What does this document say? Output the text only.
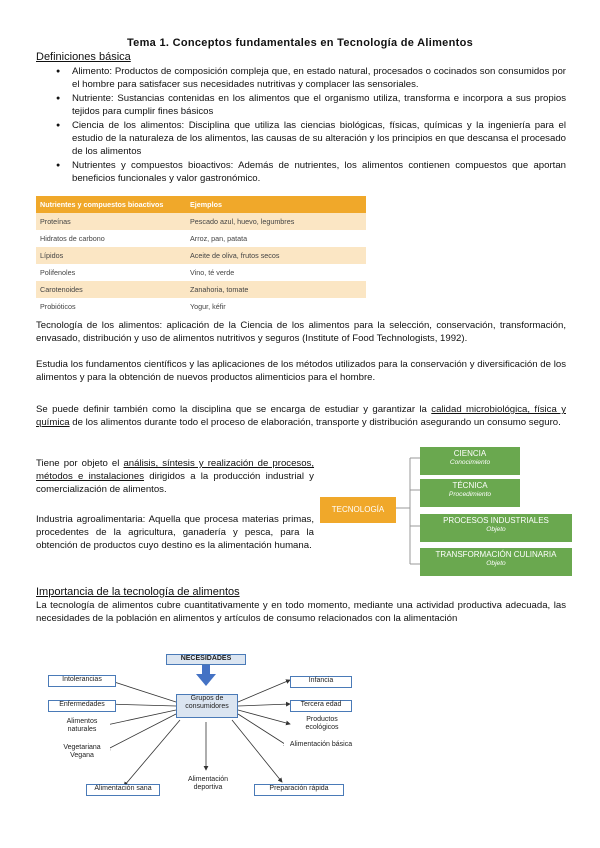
Tema 1. Conceptos fundamentales en Tecnología de Alimentos
Definiciones básica
● Alimento: Productos de composición compleja que, en estado natural, procesados o cocinados son consumidos por el hombre para satisfacer sus necesidades nutritivas y complacer las sensoriales.
● Nutriente: Sustancias contenidas en los alimentos que el organismo utiliza, transforma e incorpora a sus propios tejidos para cumplir fines básicos
● Ciencia de los alimentos: Disciplina que utiliza las ciencias biológicas, físicas, químicas y la ingeniería para el estudio de la naturaleza de los alimentos, las causas de su alteración y los principios en que descansa el procesado de los alimentos
● Nutrientes y compuestos bioactivos: Además de nutrientes, los alimentos contienen compuestos que aportan beneficios funcionales y valor gastronómico.
Nutrientes y compuestos bioactivos	Ejemplos
Proteínas	Pescado azul, huevo, legumbres
Hidratos de carbono	Arroz, pan, patata
Lípidos	Aceite de oliva, frutos secos
Polifenoles	Vino, té verde
Carotenoides	Zanahoria, tomate
Probióticos	Yogur, kéfir
Tecnología de los alimentos: aplicación de la Ciencia de los alimentos para la selección, conservación, transformación, envasado, distribución y uso de alimentos nutritivos y seguros (Institute of Food Technologists, 1992).
Estudia los fundamentos científicos y las aplicaciones de los métodos utilizados para la conservación y diversificación de los alimentos y para la obtención de nuevos productos alimenticios para el hombre.
Se puede definir también como la disciplina que se encarga de estudiar y garantizar la calidad microbiológica, física y química de los alimentos durante todo el proceso de elaboración, transporte y distribución asegurando un consumo seguro.
Tiene por objeto el análisis, síntesis y realización de procesos, métodos e instalaciones dirigidos a la producción industrial y comercialización de alimentos.
Industria agroalimentaria: Aquella que procesa materias primas, procedentes de la agricultura, ganadería y pesca, para la obtención de productos cuyo destino es la alimentación humana.
TECNOLOGÍA
CIENCIA
Conocimiento
TÉCNICA
Procedimiento
PROCESOS INDUSTRIALES
Objeto
TRANSFORMACIÓN CULINARIA
Objeto
Importancia de la tecnología de alimentos
La tecnología de alimentos cubre cuantitativamente y en todo momento, mediante una actividad productiva adecuada, las necesidades de la población en alimentos y artículos de consumo relacionados con la alimentación
NECESIDADES
Grupos de consumidores
Intolerancias
Enfermedades
Alimentos naturales
Vegetariana Vegana
Infancia
Tercera edad
Productos ecológicos
Alimentación básica
Alimentación sana
Alimentación deportiva	Preparación rápida
